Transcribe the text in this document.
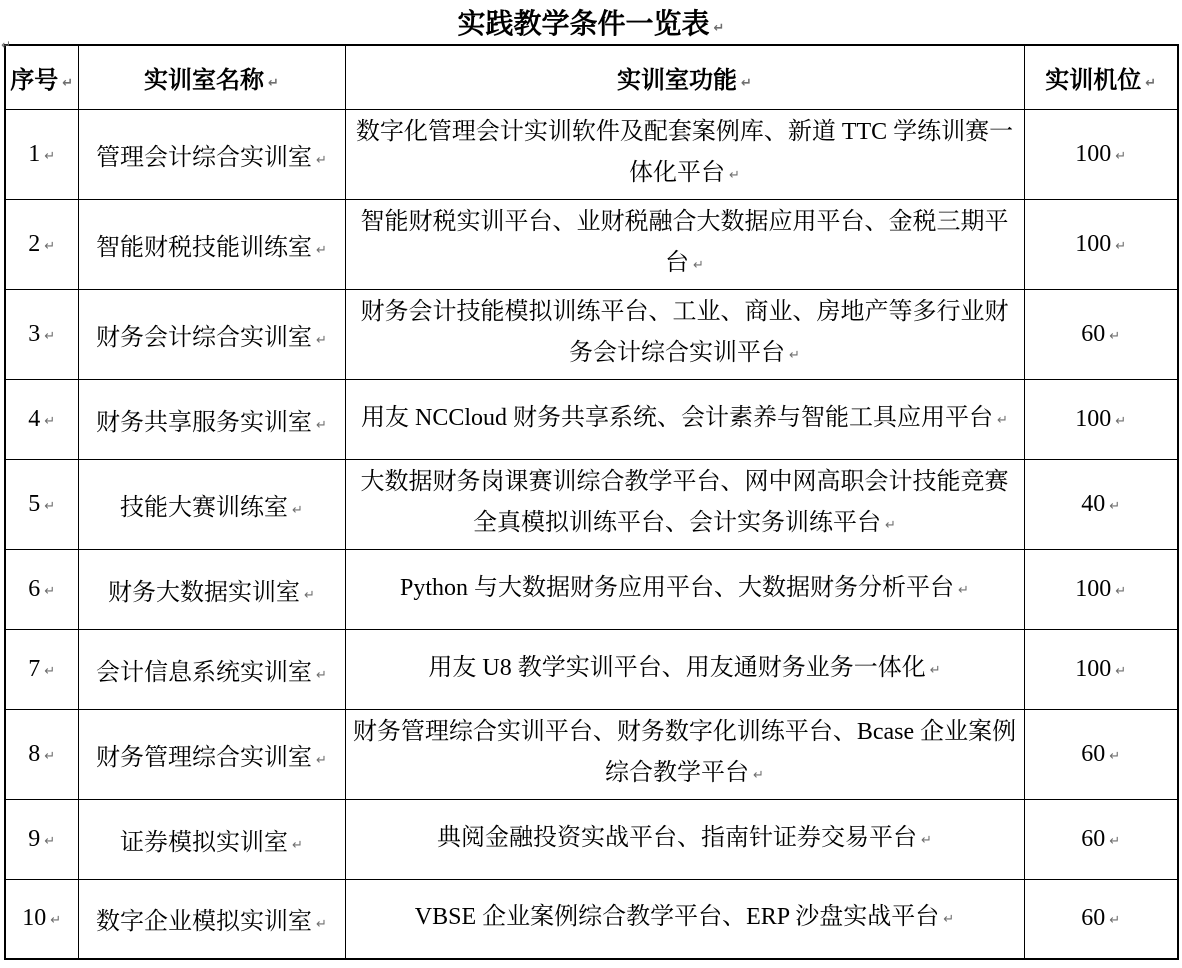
↵
实践教学条件一览表 ↵
序号 ↵	实训室名称 ↵	实训室功能 ↵	实训机位 ↵
1 ↵	管理会计综合实训室 ↵	数字化管理会计实训软件及配套案例库、新道 TTC 学练训赛一体化平台 ↵	100 ↵
2 ↵	智能财税技能训练室 ↵	智能财税实训平台、业财税融合大数据应用平台、金税三期平台 ↵	100 ↵
3 ↵	财务会计综合实训室 ↵	财务会计技能模拟训练平台、工业、商业、房地产等多行业财务会计综合实训平台 ↵	60 ↵
4 ↵	财务共享服务实训室 ↵	用友 NCCloud 财务共享系统、会计素养与智能工具应用平台 ↵	100 ↵
5 ↵	技能大赛训练室 ↵	大数据财务岗课赛训综合教学平台、网中网高职会计技能竞赛全真模拟训练平台、会计实务训练平台 ↵	40 ↵
6 ↵	财务大数据实训室 ↵	Python 与大数据财务应用平台、大数据财务分析平台 ↵	100 ↵
7 ↵	会计信息系统实训室 ↵	用友 U8 教学实训平台、用友通财务业务一体化 ↵	100 ↵
8 ↵	财务管理综合实训室 ↵	财务管理综合实训平台、财务数字化训练平台、Bcase 企业案例综合教学平台 ↵	60 ↵
9 ↵	证券模拟实训室 ↵	典阅金融投资实战平台、指南针证券交易平台 ↵	60 ↵
10 ↵	数字企业模拟实训室 ↵	VBSE 企业案例综合教学平台、ERP 沙盘实战平台 ↵	60 ↵
